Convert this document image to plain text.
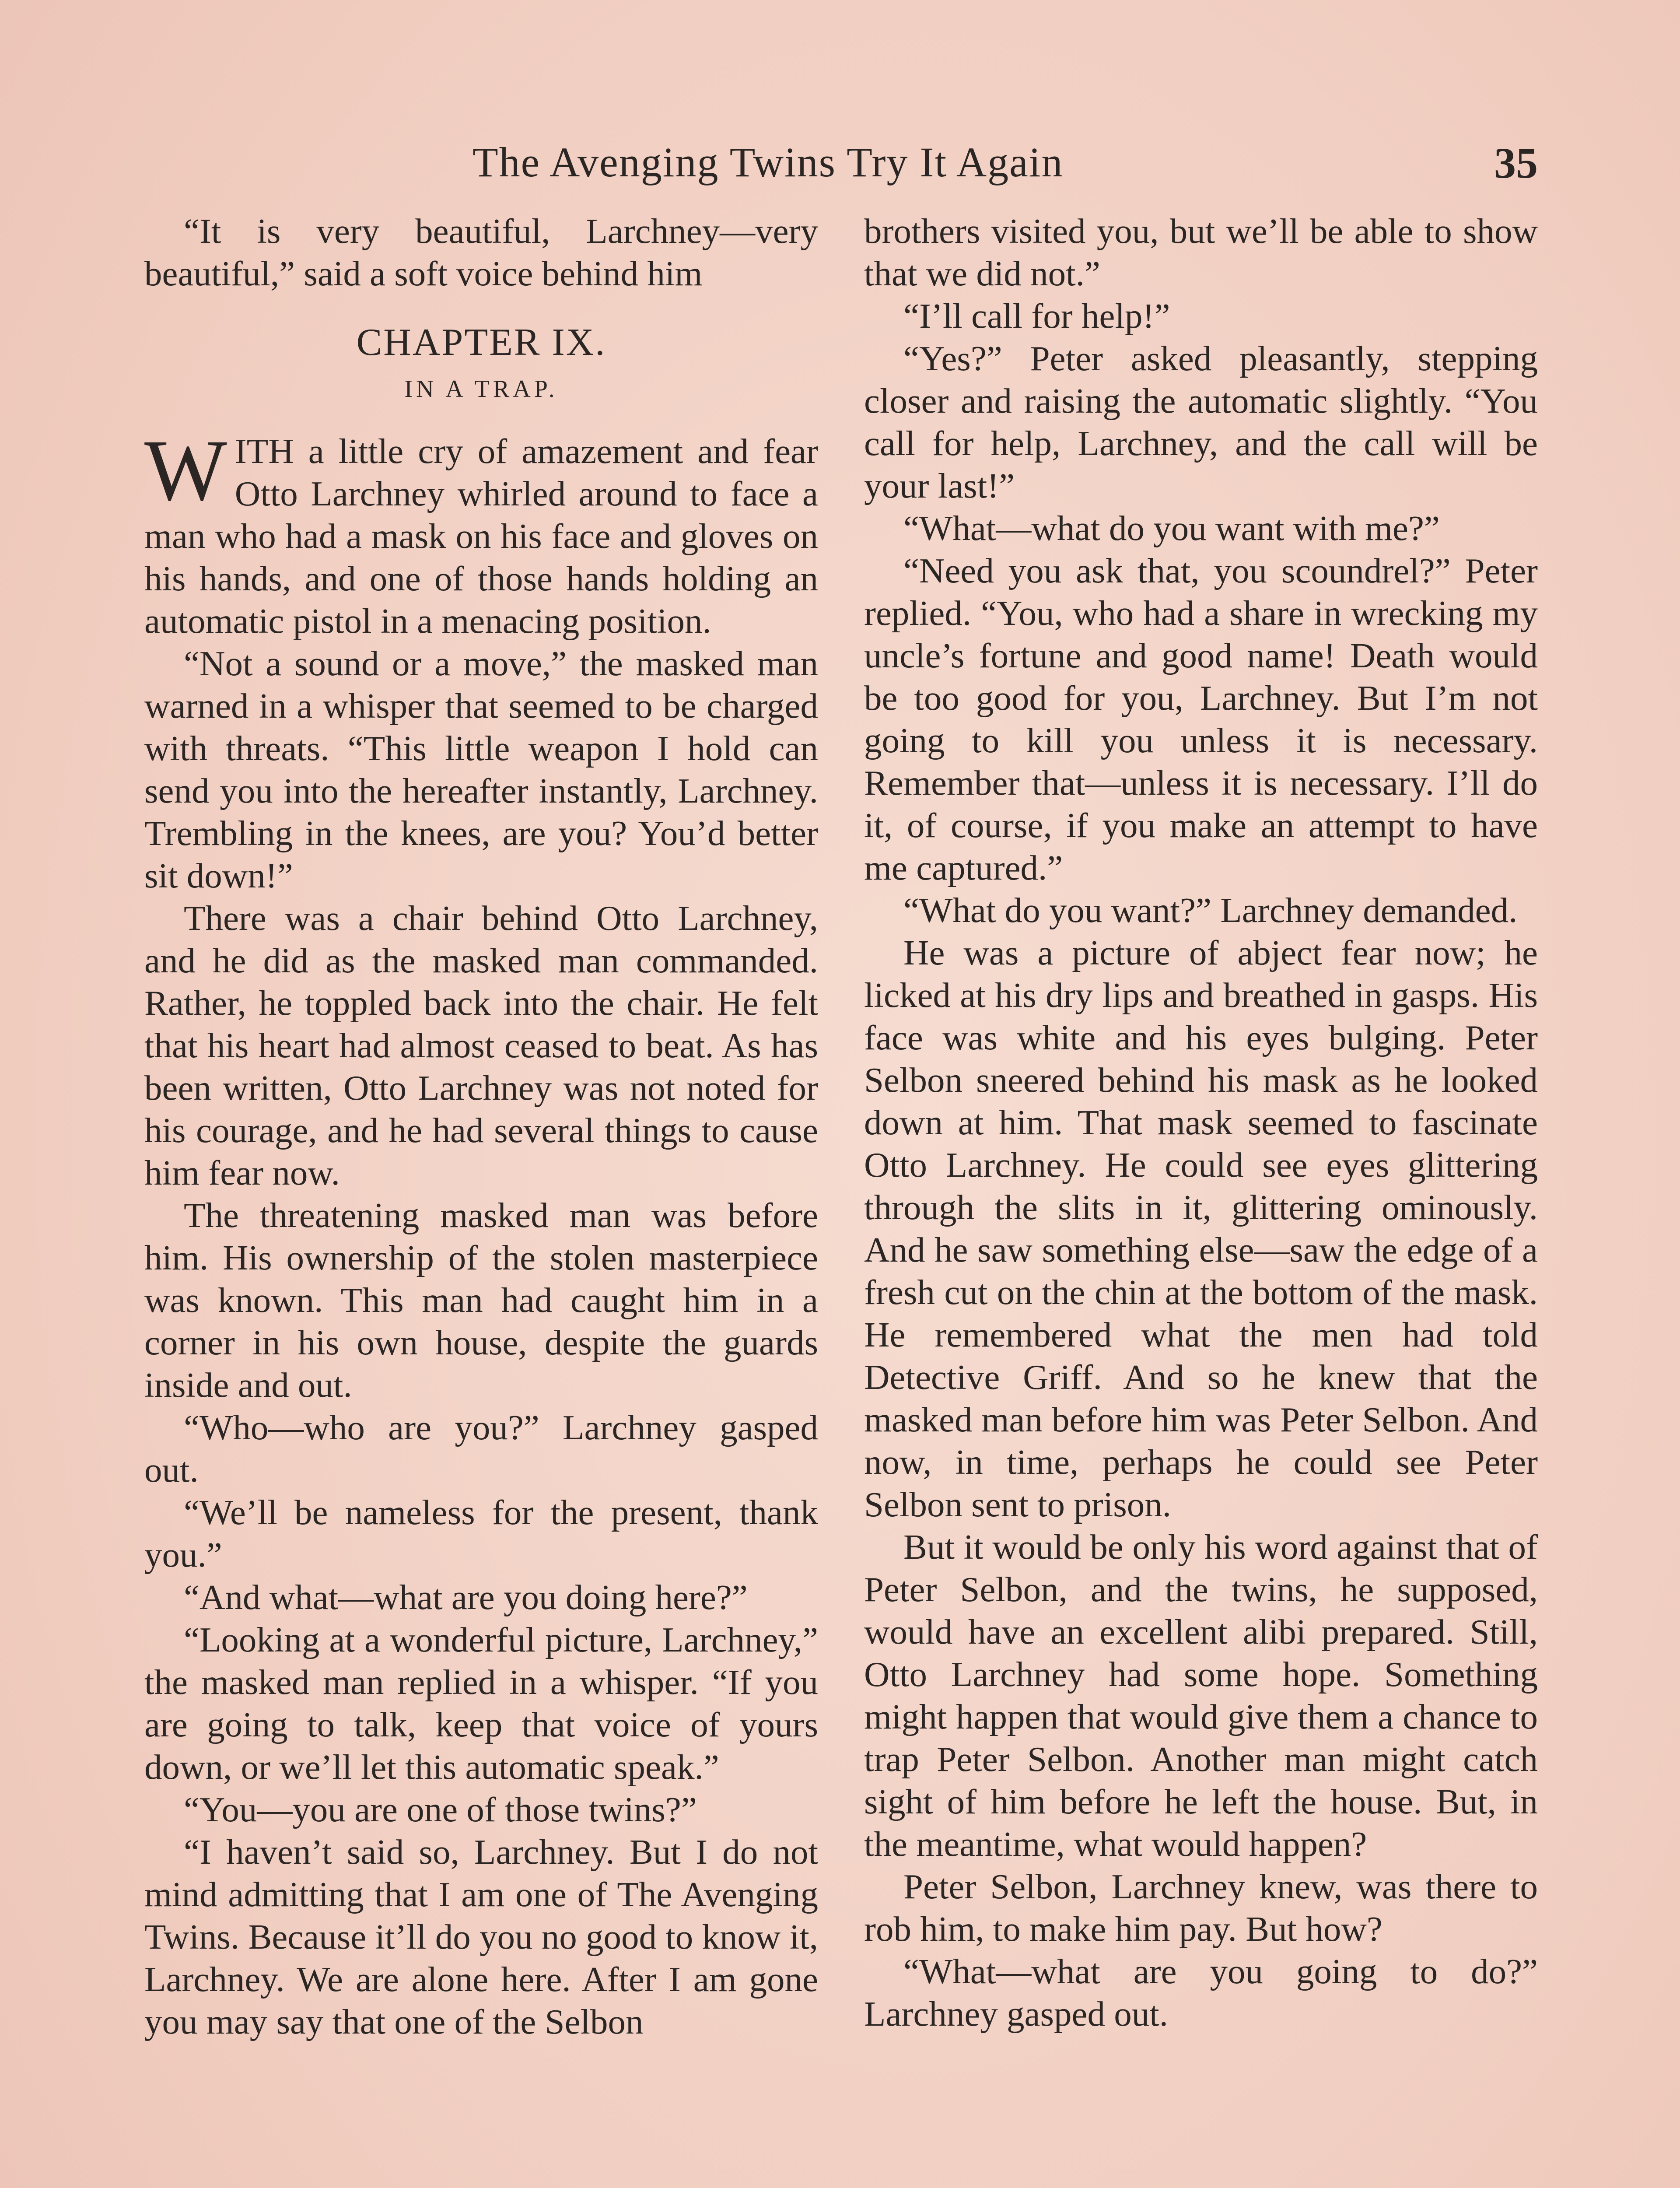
The Avenging Twins Try It Again	35

“It is very beautiful, Larchney—very beautiful,” said a soft voice behind him

CHAPTER IX.
IN A TRAP.

WITH a little cry of amazement and fear Otto Larchney whirled around to face a man who had a mask on his face and gloves on his hands, and one of those hands holding an automatic pistol in a menacing position.

“Not a sound or a move,” the masked man warned in a whisper that seemed to be charged with threats. “This little weapon I hold can send you into the hereafter instantly, Larchney. Trembling in the knees, are you? You’d better sit down!”

There was a chair behind Otto Larchney, and he did as the masked man commanded. Rather, he toppled back into the chair. He felt that his heart had almost ceased to beat. As has been written, Otto Larchney was not noted for his courage, and he had several things to cause him fear now.

The threatening masked man was before him. His ownership of the stolen masterpiece was known. This man had caught him in a corner in his own house, despite the guards inside and out.

“Who—who are you?” Larchney gasped out.

“We’ll be nameless for the present, thank you.”

“And what—what are you doing here?”

“Looking at a wonderful picture, Larchney,” the masked man replied in a whisper. “If you are going to talk, keep that voice of yours down, or we’ll let this automatic speak.”

“You—you are one of those twins?”

“I haven’t said so, Larchney. But I do not mind admitting that I am one of The Avenging Twins. Because it’ll do you no good to know it, Larchney. We are alone here. After I am gone you may say that one of the Selbon

brothers visited you, but we’ll be able to show that we did not.”

“I’ll call for help!”

“Yes?” Peter asked pleasantly, stepping closer and raising the automatic slightly. “You call for help, Larchney, and the call will be your last!”

“What—what do you want with me?”

“Need you ask that, you scoundrel?” Peter replied. “You, who had a share in wrecking my uncle’s fortune and good name! Death would be too good for you, Larchney. But I’m not going to kill you unless it is necessary. Remember that—unless it is necessary. I’ll do it, of course, if you make an attempt to have me captured.”

“What do you want?” Larchney demanded.

He was a picture of abject fear now; he licked at his dry lips and breathed in gasps. His face was white and his eyes bulging. Peter Selbon sneered behind his mask as he looked down at him. That mask seemed to fascinate Otto Larchney. He could see eyes glittering through the slits in it, glittering ominously. And he saw something else—saw the edge of a fresh cut on the chin at the bottom of the mask. He remembered what the men had told Detective Griff. And so he knew that the masked man before him was Peter Selbon. And now, in time, perhaps he could see Peter Selbon sent to prison.

But it would be only his word against that of Peter Selbon, and the twins, he supposed, would have an excellent alibi prepared. Still, Otto Larchney had some hope. Something might happen that would give them a chance to trap Peter Selbon. Another man might catch sight of him before he left the house. But, in the meantime, what would happen?

Peter Selbon, Larchney knew, was there to rob him, to make him pay. But how?

“What—what are you going to do?” Larchney gasped out.
